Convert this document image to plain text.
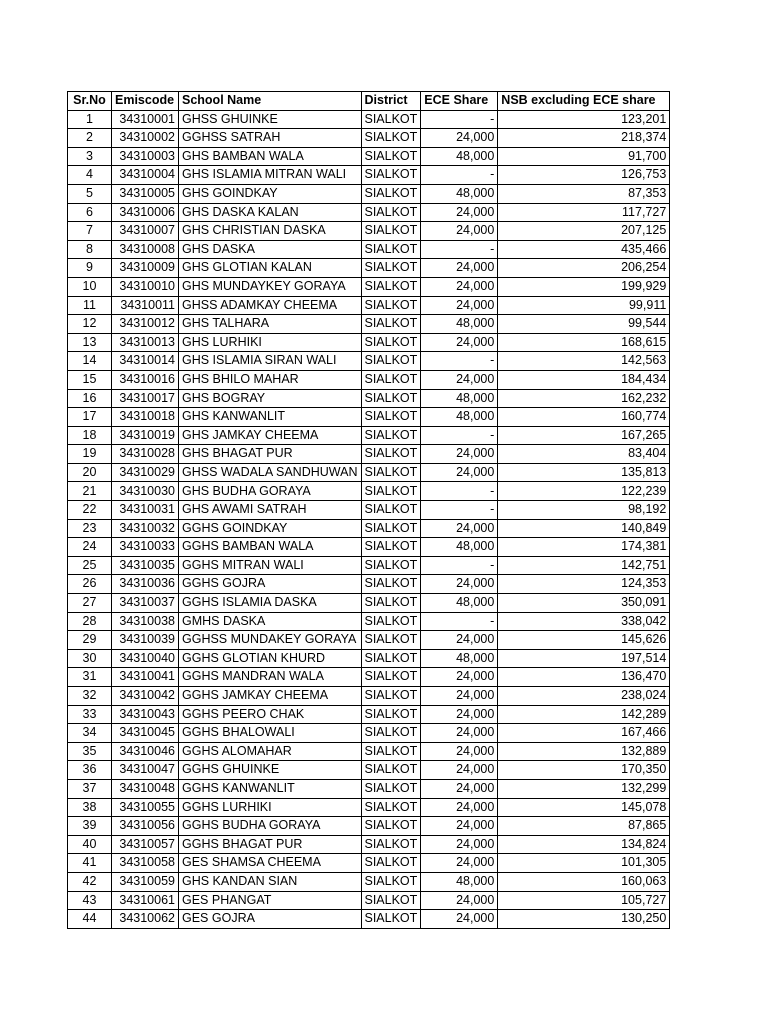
Sr.No	Emiscode	School Name	District	ECE Share	NSB excluding ECE share
1	34310001	GHSS GHUINKE	SIALKOT	-	123,201
2	34310002	GGHSS SATRAH	SIALKOT	24,000	218,374
3	34310003	GHS BAMBAN WALA	SIALKOT	48,000	91,700
4	34310004	GHS ISLAMIA MITRAN WALI	SIALKOT	-	126,753
5	34310005	GHS GOINDKAY	SIALKOT	48,000	87,353
6	34310006	GHS DASKA KALAN	SIALKOT	24,000	117,727
7	34310007	GHS CHRISTIAN DASKA	SIALKOT	24,000	207,125
8	34310008	GHS DASKA	SIALKOT	-	435,466
9	34310009	GHS GLOTIAN KALAN	SIALKOT	24,000	206,254
10	34310010	GHS MUNDAYKEY GORAYA	SIALKOT	24,000	199,929
11	34310011	GHSS ADAMKAY CHEEMA	SIALKOT	24,000	99,911
12	34310012	GHS TALHARA	SIALKOT	48,000	99,544
13	34310013	GHS LURHIKI	SIALKOT	24,000	168,615
14	34310014	GHS ISLAMIA SIRAN WALI	SIALKOT	-	142,563
15	34310016	GHS BHILO MAHAR	SIALKOT	24,000	184,434
16	34310017	GHS BOGRAY	SIALKOT	48,000	162,232
17	34310018	GHS KANWANLIT	SIALKOT	48,000	160,774
18	34310019	GHS JAMKAY CHEEMA	SIALKOT	-	167,265
19	34310028	GHS BHAGAT PUR	SIALKOT	24,000	83,404
20	34310029	GHSS WADALA SANDHUWAN	SIALKOT	24,000	135,813
21	34310030	GHS BUDHA GORAYA	SIALKOT	-	122,239
22	34310031	GHS AWAMI SATRAH	SIALKOT	-	98,192
23	34310032	GGHS GOINDKAY	SIALKOT	24,000	140,849
24	34310033	GGHS BAMBAN WALA	SIALKOT	48,000	174,381
25	34310035	GGHS MITRAN WALI	SIALKOT	-	142,751
26	34310036	GGHS GOJRA	SIALKOT	24,000	124,353
27	34310037	GGHS ISLAMIA DASKA	SIALKOT	48,000	350,091
28	34310038	GMHS DASKA	SIALKOT	-	338,042
29	34310039	GGHSS MUNDAKEY GORAYA	SIALKOT	24,000	145,626
30	34310040	GGHS GLOTIAN KHURD	SIALKOT	48,000	197,514
31	34310041	GGHS MANDRAN WALA	SIALKOT	24,000	136,470
32	34310042	GGHS JAMKAY CHEEMA	SIALKOT	24,000	238,024
33	34310043	GGHS PEERO CHAK	SIALKOT	24,000	142,289
34	34310045	GGHS BHALOWALI	SIALKOT	24,000	167,466
35	34310046	GGHS ALOMAHAR	SIALKOT	24,000	132,889
36	34310047	GGHS GHUINKE	SIALKOT	24,000	170,350
37	34310048	GGHS KANWANLIT	SIALKOT	24,000	132,299
38	34310055	GGHS LURHIKI	SIALKOT	24,000	145,078
39	34310056	GGHS BUDHA GORAYA	SIALKOT	24,000	87,865
40	34310057	GGHS BHAGAT PUR	SIALKOT	24,000	134,824
41	34310058	GES SHAMSA CHEEMA	SIALKOT	24,000	101,305
42	34310059	GHS KANDAN SIAN	SIALKOT	48,000	160,063
43	34310061	GES PHANGAT	SIALKOT	24,000	105,727
44	34310062	GES GOJRA	SIALKOT	24,000	130,250
